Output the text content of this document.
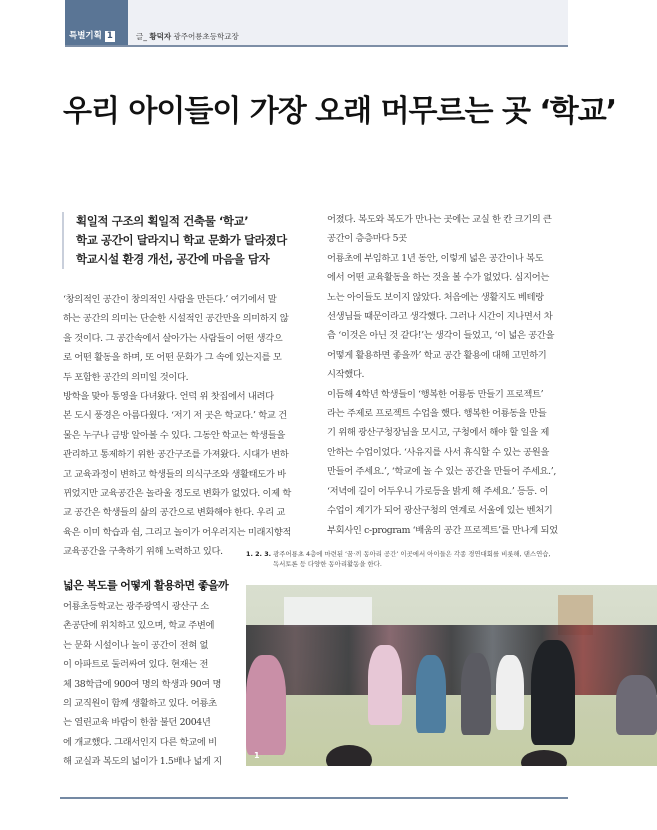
특별기획 1	글_ 황덕자 광주어룡초등학교장
우리 아이들이 가장 오래 머무르는 곳 ‘학교’
획일적 구조의 획일적 건축물 ‘학교’
학교 공간이 달라지니 학교 문화가 달라졌다
학교시설 환경 개선, 공간에 마음을 담자

‘창의적인 공간이 창의적인 사람을 만든다.’ 여기에서 말

하는 공간의 의미는 단순한 시설적인 공간만을 의미하지 않

을 것이다. 그 공간속에서 살아가는 사람들이 어떤 생각으

로 어떤 활동을 하며, 또 어떤 문화가 그 속에 있는지를 모

두 포함한 공간의 의미일 것이다.

방학을 맞아 통영을 다녀왔다. 언덕 위 찻집에서 내려다

본 도시 풍경은 아름다웠다. ‘저기 저 곳은 학교다.’ 학교 건

물은 누구나 금방 알아볼 수 있다. 그동안 학교는 학생들을

관리하고 통제하기 위한 공간구조를 가져왔다. 시대가 변하

고 교육과정이 변하고 학생들의 의식구조와 생활태도가 바

뀌었지만 교육공간은 놀라울 정도로 변화가 없었다. 이제 학

교 공간은 학생들의 삶의 공간으로 변화해야 한다. 우리 교

육은 이미 학습과 쉼, 그리고 놀이가 어우러지는 미래지향적

교육공간을 구축하기 위해 노력하고 있다.

넓은 복도를 어떻게 활용하면 좋을까

어룡초등학교는 광주광역시 광산구 소

촌공단에 위치하고 있으며, 학교 주변에

는 문화 시설이나 놀이 공간이 전혀 없

이 아파트로 둘러싸여 있다. 현재는 전

체 38학급에 900여 명의 학생과 90여 명

의 교직원이 함께 생활하고 있다. 어룡초

는 열린교육 바람이 한참 불던 2004년

에 개교했다. 그래서인지 다른 학교에 비

해 교실과 복도의 넓이가 1.5배나 넓게 지

어졌다. 복도와 복도가 만나는 곳에는 교실 한 칸 크기의 큰

공간이 층층마다 5곳

어룡초에 부임하고 1년 동안, 이렇게 넓은 공간이나 복도

에서 어떤 교육활동을 하는 것을 볼 수가 없었다. 심지어는

노는 아이들도 보이지 않았다. 처음에는 생활지도 베테랑

선생님들 때문이라고 생각했다. 그러나 시간이 지나면서 차

츰 ‘이것은 아닌 것 같다!’는 생각이 들었고, ‘이 넓은 공간을

어떻게 활용하면 좋을까’ 학교 공간 활용에 대해 고민하기

시작했다.

이듬해 4학년 학생들이 ‘행복한 어룡동 만들기 프로젝트’

라는 주제로 프로젝트 수업을 했다. 행복한 어룡동을 만들

기 위해 광산구청장님을 모시고, 구청에서 해야 할 일을 제

안하는 수업이었다. ‘사유지를 사서 휴식할 수 있는 공원을

만들어 주세요.’, ‘학교에 놀 수 있는 공간을 만들어 주세요.’,

‘저녁에 길이 어두우니 가로등을 밝게 해 주세요.’ 등등. 이

수업이 계기가 되어 광산구청의 연계로 서울에 있는 벤처기

부회사인 c-program ‘배움의 공간 프로젝트’를 만나게 되었

1. 2. 3. 광주어룡초 4층에 마련된 ‘꿈·끼 동아리 공간’ 이곳에서 아이들은 각종 경연대회를 비롯해, 댄스연습,
독서토론 등 다양한 동아리활동을 한다.
1
